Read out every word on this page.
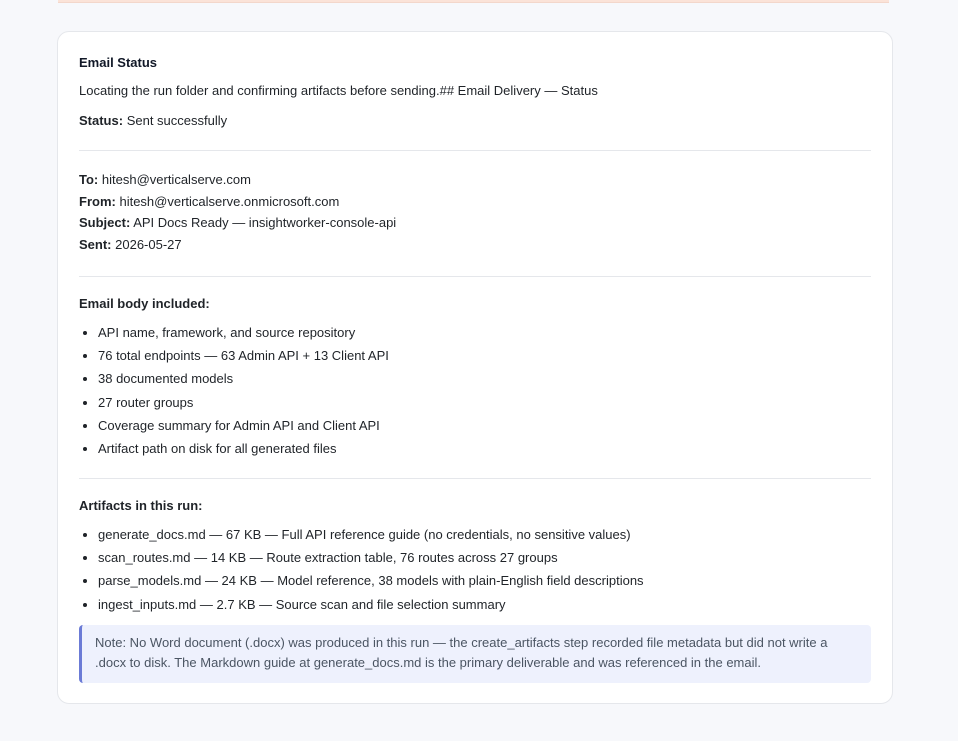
Email Status
Locating the run folder and confirming artifacts before sending.## Email Delivery — Status
Status: Sent successfully
To: hitesh@verticalserve.com
From: hitesh@verticalserve.onmicrosoft.com
Subject: API Docs Ready — insightworker-console-api
Sent: 2026-05-27
Email body included:
• API name, framework, and source repository
• 76 total endpoints — 63 Admin API + 13 Client API
• 38 documented models
• 27 router groups
• Coverage summary for Admin API and Client API
• Artifact path on disk for all generated files
Artifacts in this run:
• generate_docs.md — 67 KB — Full API reference guide (no credentials, no sensitive values)
• scan_routes.md — 14 KB — Route extraction table, 76 routes across 27 groups
• parse_models.md — 24 KB — Model reference, 38 models with plain-English field descriptions
• ingest_inputs.md — 2.7 KB — Source scan and file selection summary
Note: No Word document (.docx) was produced in this run — the create_artifacts step recorded file metadata but did not write a .docx to disk. The Markdown guide at generate_docs.md is the primary deliverable and was referenced in the email.
